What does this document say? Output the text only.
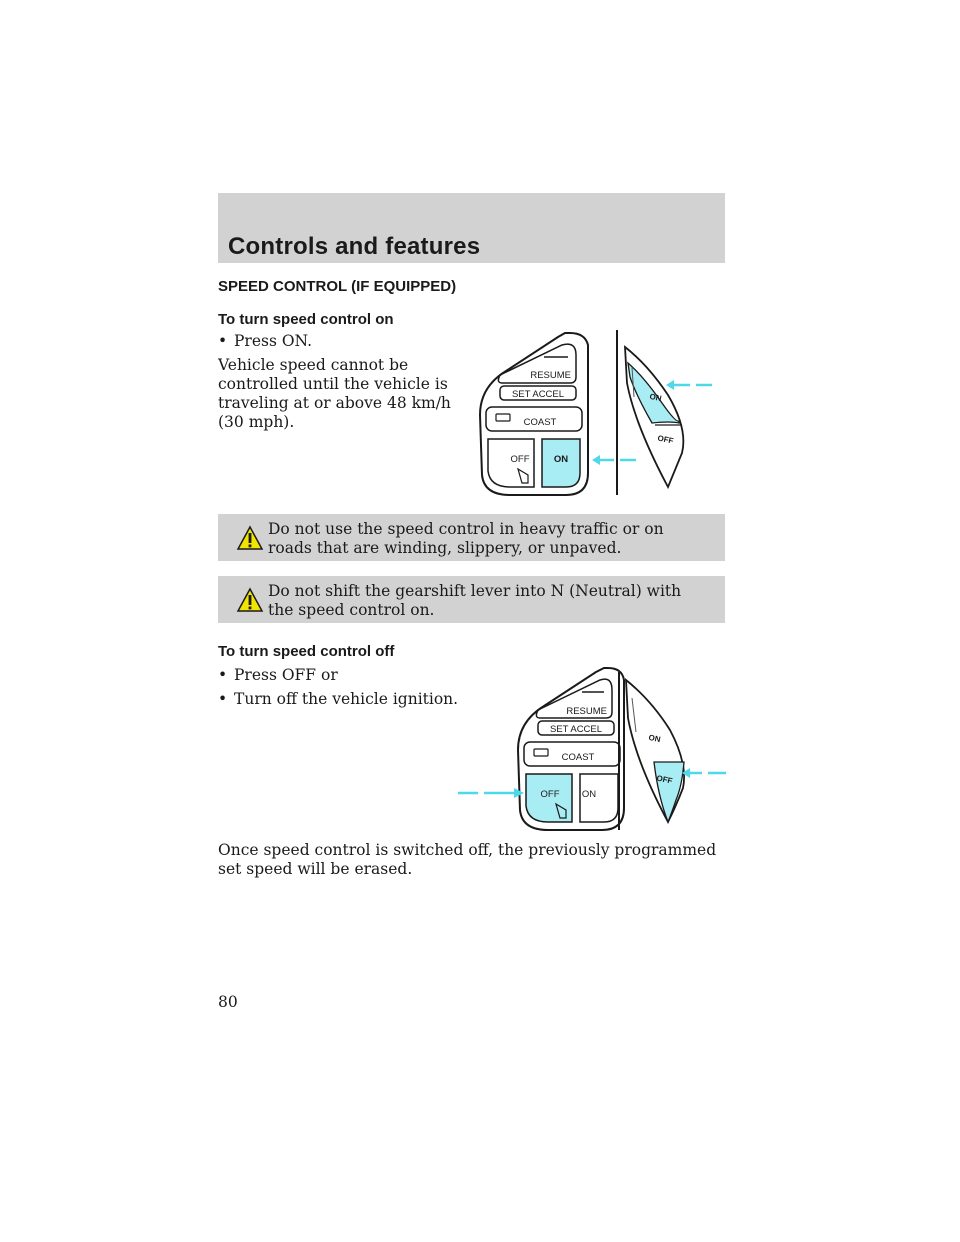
Controls and features
SPEED CONTROL (IF EQUIPPED)
To turn speed control on
• Press ON.

Vehicle speed cannot be controlled until the vehicle is traveling at or above 48 km/h (30 mph).

RESUME
SET ACCEL
COAST
OFF	ON
ON
OFF

Do not use the speed control in heavy traffic or on roads that are winding, slippery, or unpaved.

Do not shift the gearshift lever into N (Neutral) with the speed control on.

To turn speed control off
• Press OFF or
• Turn off the vehicle ignition.
RESUME
SET ACCEL
COAST
OFF ON
ON
OFF

Once speed control is switched off, the previously programmed set speed will be erased.

80
